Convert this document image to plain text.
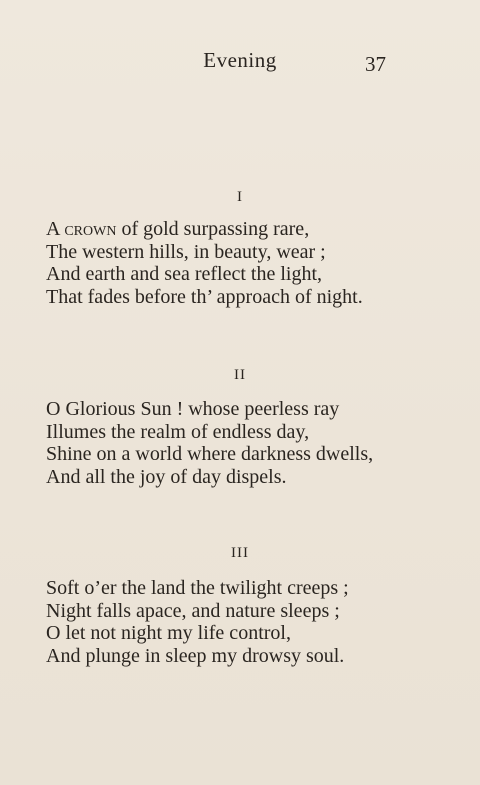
Evening	37
I
A crown of gold surpassing rare,
The western hills, in beauty, wear ;
And earth and sea reflect the light,
That fades before th’ approach of night.
II
O Glorious Sun ! whose peerless ray
Illumes the realm of endless day,
Shine on a world where darkness dwells,
And all the joy of day dispels.
III
Soft o’er the land the twilight creeps ;
Night falls apace, and nature sleeps ;
O let not night my life control,
And plunge in sleep my drowsy soul.
